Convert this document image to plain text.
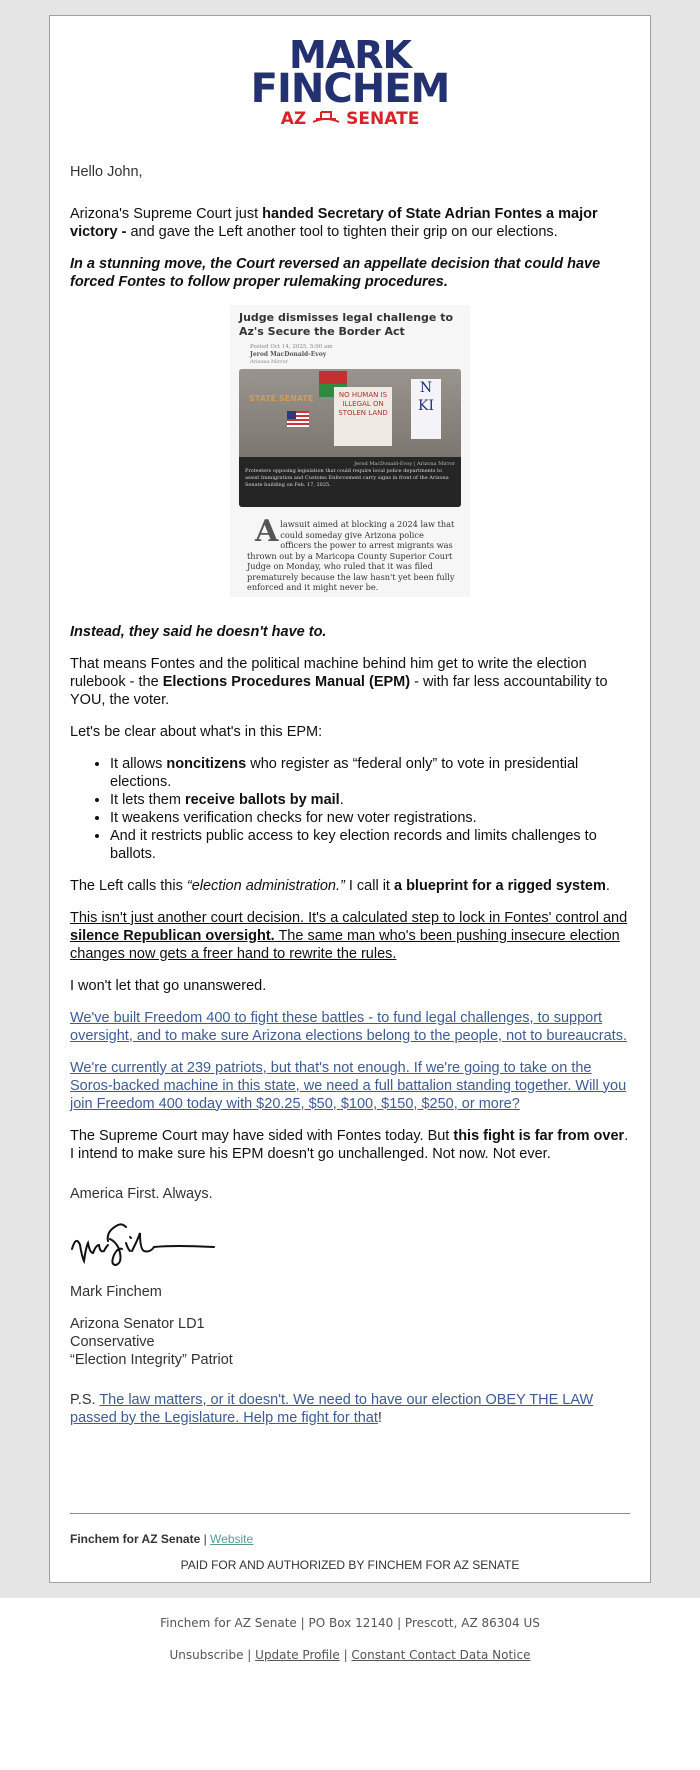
MARK
FINCHEM
AZ SENATE

Hello John,

Arizona's Supreme Court just handed Secretary of State Adrian Fontes a major victory - and gave the Left another tool to tighten their grip on our elections.

In a stunning move, the Court reversed an appellate decision that could have forced Fontes to follow proper rulemaking procedures.

Judge dismisses legal challenge to Az's Secure the Border Act
Posted Oct 14, 2025, 5:00 am
Jerod MacDonald-Evoy
Arizona Mirror
STATE SENATE	NO HUMAN IS ILLEGAL ON STOLEN LAND
N KI
Jerod MacDonald-Evoy | Arizona Mirror
Protesters opposing legislation that could require local police departments to assist Immigration and Customs Enforcement carry signs in front of the Arizona Senate building on Feb. 17, 2025.
Alawsuit aimed at blocking a 2024 law that could someday give Arizona police officers the power to arrest migrants was thrown out by a Maricopa County Superior Court Judge on Monday, who ruled that it was filed prematurely because the law hasn't yet been fully enforced and it might never be.

Instead, they said he doesn't have to.

That means Fontes and the political machine behind him get to write the election rulebook - the Elections Procedures Manual (EPM) - with far less accountability to YOU, the voter.

Let's be clear about what's in this EPM:

• It allows noncitizens who register as “federal only” to vote in presidential elections.
• It lets them receive ballots by mail.
• It weakens verification checks for new voter registrations.
• And it restricts public access to key election records and limits challenges to ballots.

The Left calls this “election administration.” I call it a blueprint for a rigged system.

This isn't just another court decision. It's a calculated step to lock in Fontes' control and silence Republican oversight. The same man who's been pushing insecure election changes now gets a freer hand to rewrite the rules.

I won't let that go unanswered.

We've built Freedom 400 to fight these battles - to fund legal challenges, to support oversight, and to make sure Arizona elections belong to the people, not to bureaucrats.

We're currently at 239 patriots, but that's not enough. If we're going to take on the Soros-backed machine in this state, we need a full battalion standing together. Will you join Freedom 400 today with $20.25, $50, $100, $150, $250, or more?

The Supreme Court may have sided with Fontes today. But this fight is far from over. I intend to make sure his EPM doesn't go unchallenged. Not now. Not ever.

America First. Always.

Mark Finchem

Arizona Senator LD1
Conservative
“Election Integrity” Patriot

P.S. The law matters, or it doesn't. We need to have our election OBEY THE LAW passed by the Legislature. Help me fight for that!

Finchem for AZ Senate | Website
PAID FOR AND AUTHORIZED BY FINCHEM FOR AZ SENATE
Finchem for AZ Senate | PO Box 12140 | Prescott, AZ 86304 US
Unsubscribe | Update Profile | Constant Contact Data Notice
